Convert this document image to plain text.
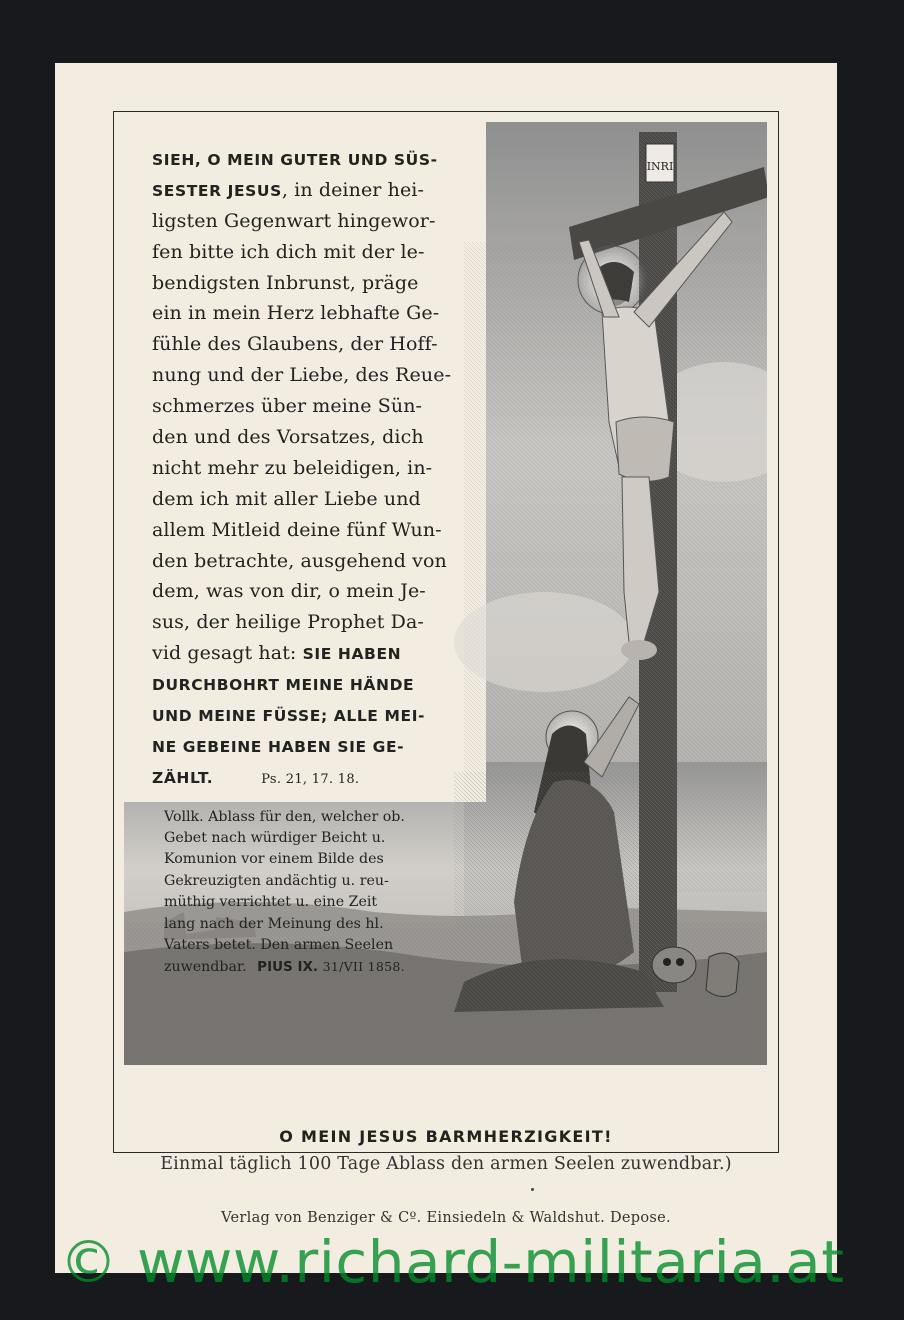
INRI
SIEH, O MEIN GUTER UND SÜS-
SESTER JESUS, in deiner hei-
ligsten Gegenwart hingewor-
fen bitte ich dich mit der le-
bendigsten Inbrunst, präge
ein in mein Herz lebhafte Ge-
fühle des Glaubens, der Hoff-
nung und der Liebe, des Reue-
schmerzes über meine Sün-
den und des Vorsatzes, dich
nicht mehr zu beleidigen, in-
dem ich mit aller Liebe und
allem Mitleid deine fünf Wun-
den betrachte, ausgehend von
dem, was von dir, o mein Je-
sus, der heilige Prophet Da-
vid gesagt hat: SIE HABEN
DURCHBOHRT MEINE HÄNDE
UND MEINE FÜSSE; ALLE MEI-
NE GEBEINE HABEN SIE GE-
ZÄHLT.	Ps. 21, 17. 18.
Vollk. Ablass für den, welcher ob.
Gebet nach würdiger Beicht u.
Komunion vor einem Bilde des
Gekreuzigten andächtig u. reu-
müthig verrichtet u. eine Zeit
lang nach der Meinung des hl.
Vaters betet. Den armen Seelen
zuwendbar. PIUS IX. 31/VII 1858.
O MEIN JESUS BARMHERZIGKEIT!
Einmal täglich 100 Tage Ablass den armen Seelen zuwendbar.)
Verlag von Benziger & Cº. Einsiedeln & Waldshut. Depose.
© www.richard-militaria.at
